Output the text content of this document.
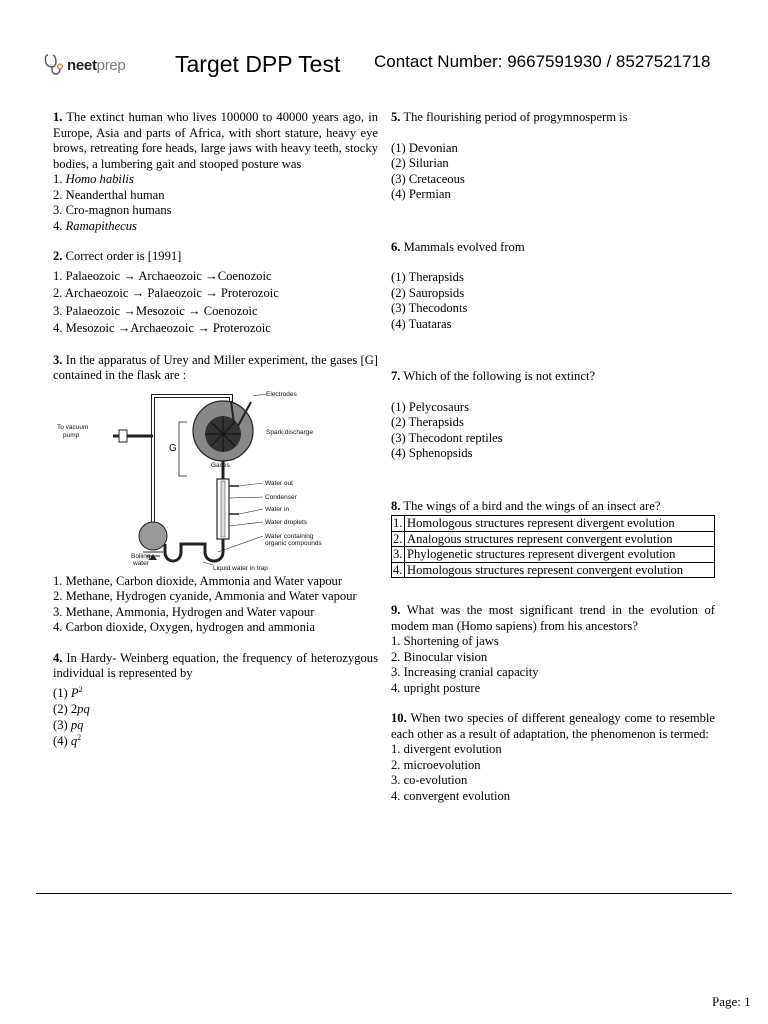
neetprep Target DPP Test Contact Number: 9667591930 / 8527521718

1. The extinct human who lives 100000 to 40000 years ago, in Europe, Asia and parts of Africa, with short stature, heavy eye brows, retreating fore heads, large jaws with heavy teeth, stocky bodies, a lumbering gait and stooped posture was

1. Homo habilis

2. Neanderthal human

3. Cro-magnon humans

4. Ramapithecus

2. Correct order is [1991]

1. Palaeozoic → Archaeozoic →Coenozoic

2. Archaeozoic → Palaeozoic → Proterozoic

3. Palaeozoic →Mesozoic → Coenozoic

4. Mesozoic →Archaeozoic → Proterozoic

3. In the apparatus of Urey and Miller experiment, the gases [G] contained in the flask are :

Electrodes
Spark discharge
To vacuum
pump
G
Gases
Water out
Condenser
Water in
Water droplets
Water containing
organic compounds
Boiling
water
Liquid water in trap

1. Methane, Carbon dioxide, Ammonia and Water vapour

2. Methane, Hydrogen cyanide, Ammonia and Water vapour

3. Methane, Ammonia, Hydrogen and Water vapour

4. Carbon dioxide, Oxygen, hydrogen and ammonia

4. In Hardy- Weinberg equation, the frequency of heterozygous individual is represented by

(1) $P^2$

(2) 2pq

(3) pq

(4) $q^2$

5. The flourishing period of progymnosperm is

(1) Devonian

(2) Silurian

(3) Cretaceous

(4) Permian

6. Mammals evolved from

(1) Therapsids

(2) Sauropsids

(3) Thecodonts

(4) Tuataras

7. Which of the following is not extinct?

(1) Pelycosaurs

(2) Therapsids

(3) Thecodont reptiles

(4) Sphenopsids

8. The wings of a bird and the wings of an insect are?

1.	Homologous structures represent divergent evolution
2.	Analogous structures represent convergent evolution
3.	Phylogenetic structures represent divergent evolution
4.	Homologous structures represent convergent evolution

9. What was the most significant trend in the evolution of modem man (Homo sapiens) from his ancestors?

1. Shortening of jaws

2. Binocular vision

3. Increasing cranial capacity

4. upright posture

10. When two species of different genealogy come to resemble each other as a result of adaptation, the phenomenon is termed:

1. divergent evolution

2. microevolution

3. co-evolution

4. convergent evolution

Page: 1
